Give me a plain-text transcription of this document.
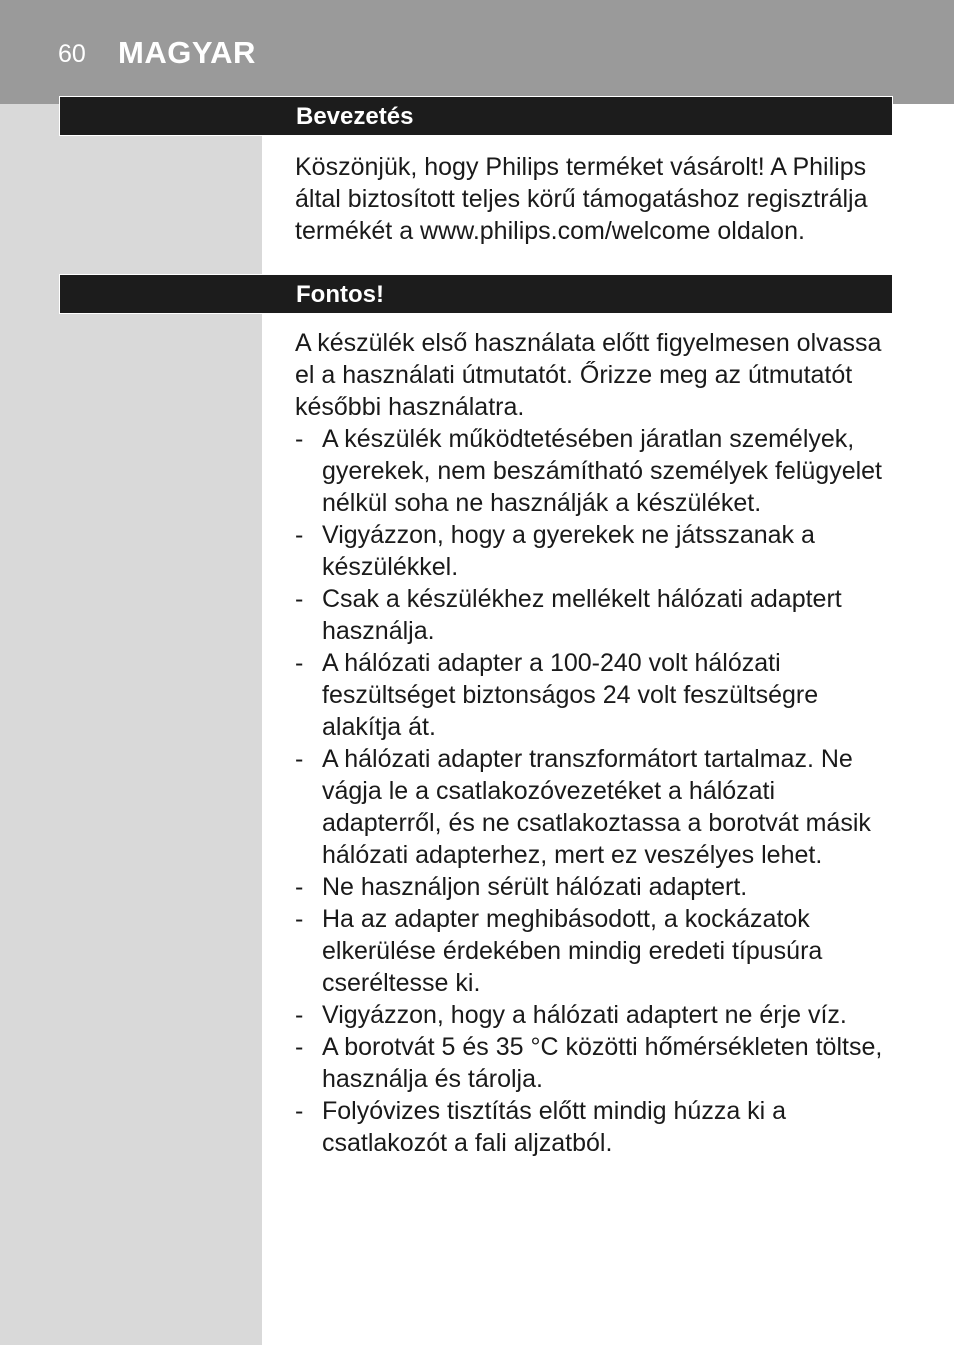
60 MAGYAR
Bevezetés

Köszönjük, hogy Philips terméket vásárolt! A Philips által biztosított teljes körű támogatáshoz regisztrálja termékét a www.philips.com/welcome oldalon.

Fontos!

A készülék első használata előtt figyelmesen olvassa el a használati útmutatót. Őrizze meg az útmutatót későbbi használatra.

- A készülék működtetésében járatlan személyek, gyerekek, nem beszámítható személyek felügyelet nélkül soha ne használják a készüléket.
- Vigyázzon, hogy a gyerekek ne játsszanak a készülékkel.
- Csak a készülékhez mellékelt hálózati adaptert használja.
- A hálózati adapter a 100-240 volt hálózati feszültséget biztonságos 24 volt feszültségre alakítja át.
- A hálózati adapter transzformátort tartalmaz. Ne vágja le a csatlakozóvezetéket a hálózati adapterről, és ne csatlakoztassa a borotvát másik hálózati adapterhez, mert ez veszélyes lehet.
- Ne használjon sérült hálózati adaptert.
- Ha az adapter meghibásodott, a kockázatok elkerülése érdekében mindig eredeti típusúra cseréltesse ki.
- Vigyázzon, hogy a hálózati adaptert ne érje víz.
- A borotvát 5 és 35 °C közötti hőmérsékleten töltse, használja és tárolja.
- Folyóvizes tisztítás előtt mindig húzza ki a csatlakozót a fali aljzatból.
